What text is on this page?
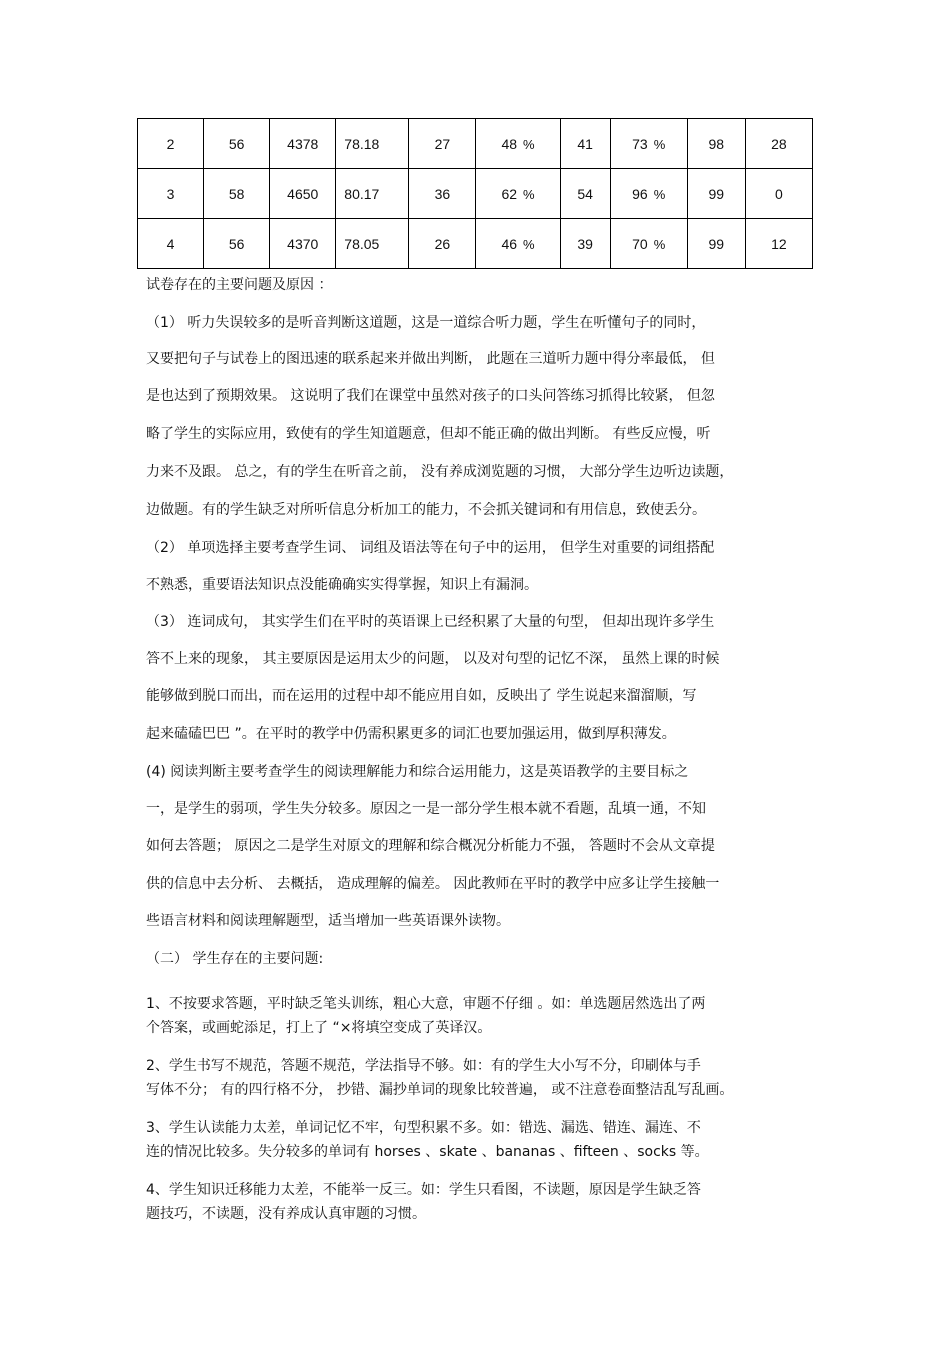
2	56	4378	78.18	27	48 %	41	73 %	98	28
3	58	4650	80.17	36	62 %	54	96 %	99	0
4	56	4370	78.05	26	46 %	39	70 %	99	12
试卷存在的主要问题及原因 ：
（1） 听力失误较多的是听音判断这道题，这是一道综合听力题，学生在听懂句子的同时，
又要把句子与试卷上的图迅速的联系起来并做出判断， 此题在三道听力题中得分率最低， 但
是也达到了预期效果。 这说明了我们在课堂中虽然对孩子的口头问答练习抓得比较紧， 但忽
略了学生的实际应用，致使有的学生知道题意，但却不能正确的做出判断。 有些反应慢，听
力来不及跟。 总之，有的学生在听音之前， 没有养成浏览题的习惯， 大部分学生边听边读题，
边做题。有的学生缺乏对所听信息分析加工的能力，不会抓关键词和有用信息，致使丢分。
（2） 单项选择主要考查学生词、 词组及语法等在句子中的运用， 但学生对重要的词组搭配
不熟悉，重要语法知识点没能确确实实得掌握，知识上有漏洞。
（3） 连词成句， 其实学生们在平时的英语课上已经积累了大量的句型， 但却出现许多学生
答不上来的现象， 其主要原因是运用太少的问题， 以及对句型的记忆不深， 虽然上课的时候
能够做到脱口而出，而在运用的过程中却不能应用自如，反映出了 学生说起来溜溜顺，写
起来磕磕巴巴 ”。在平时的教学中仍需积累更多的词汇也要加强运用，做到厚积薄发。
(4) 阅读判断主要考查学生的阅读理解能力和综合运用能力，这是英语教学的主要目标之
一，是学生的弱项，学生失分较多。原因之一是一部分学生根本就不看题，乱填一通，不知
如何去答题； 原因之二是学生对原文的理解和综合概况分析能力不强， 答题时不会从文章提
供的信息中去分析、 去概括， 造成理解的偏差。 因此教师在平时的教学中应多让学生接触一
些语言材料和阅读理解题型，适当增加一些英语课外读物。
（二） 学生存在的主要问题:
1、不按要求答题，平时缺乏笔头训练，粗心大意，审题不仔细 。如：单选题居然选出了两
个答案，或画蛇添足，打上了 “×将填空变成了英译汉。
2、学生书写不规范，答题不规范，学法指导不够。如：有的学生大小写不分，印刷体与手
写体不分； 有的四行格不分， 抄错、漏抄单词的现象比较普遍， 或不注意卷面整洁乱写乱画。
3、学生认读能力太差，单词记忆不牢，句型积累不多。如：错选、漏选、错连、漏连、不
连的情况比较多。失分较多的单词有 horses 、skate 、bananas 、fifteen 、socks 等。
4、学生知识迁移能力太差，不能举一反三。如：学生只看图，不读题，原因是学生缺乏答
题技巧，不读题，没有养成认真审题的习惯。
